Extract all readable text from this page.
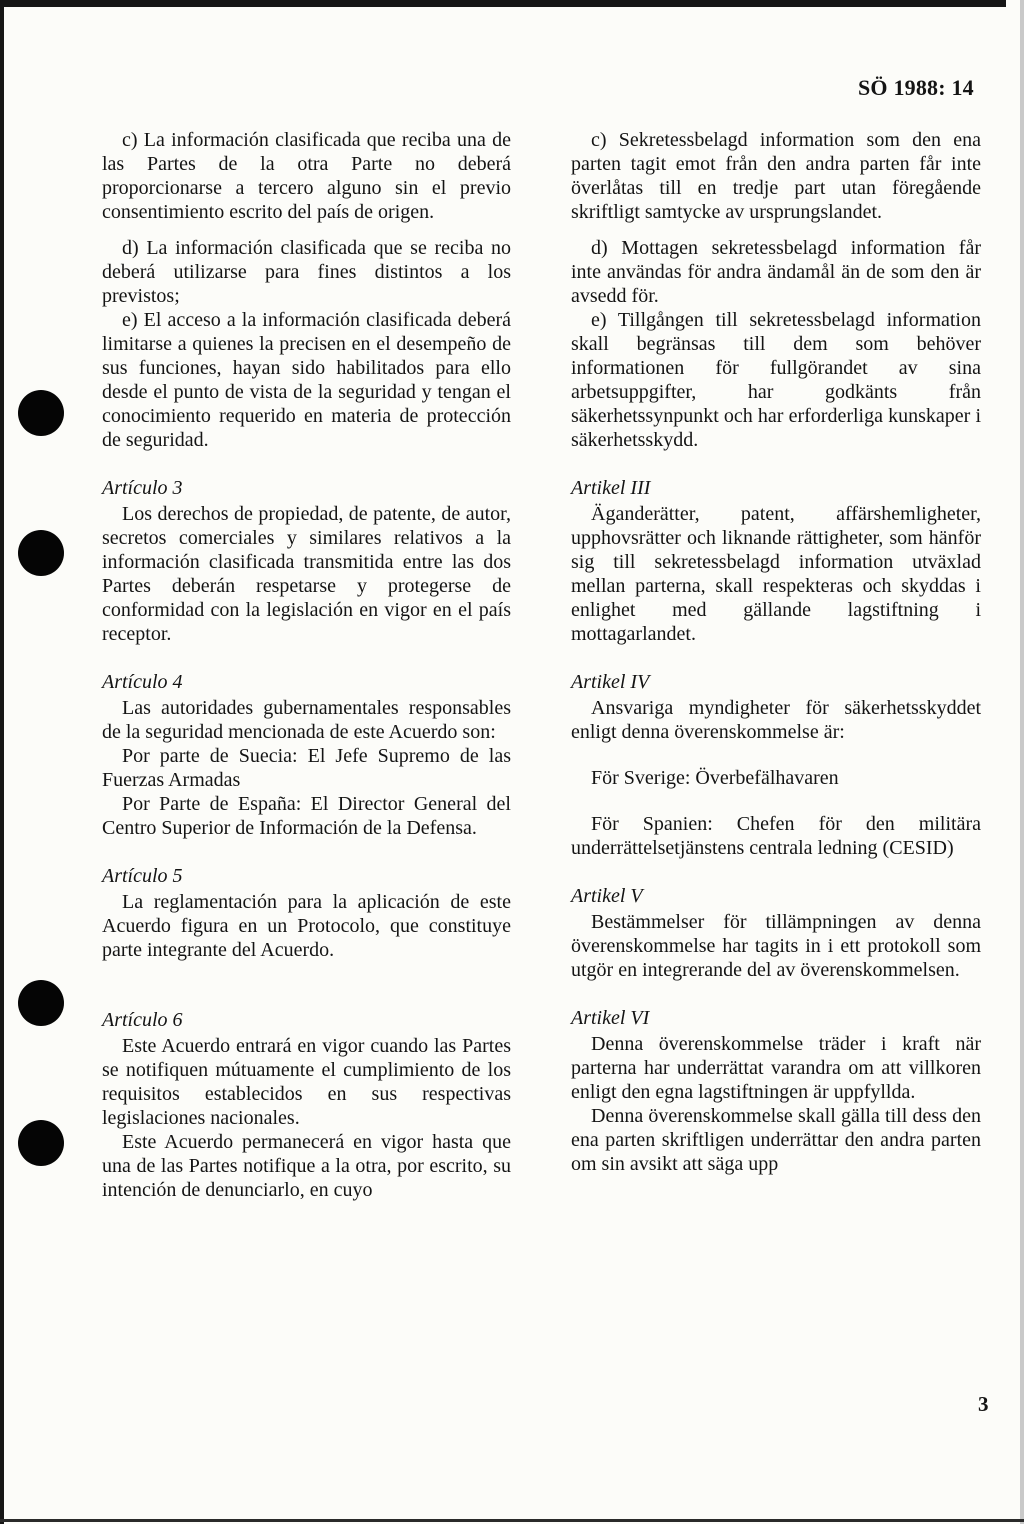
SÖ 1988: 14

c) La información clasificada que reciba una de las Partes de la otra Parte no deberá proporcionarse a tercero alguno sin el previo consentimiento escrito del país de origen.

d) La información clasificada que se reciba no deberá utilizarse para fines distintos a los previstos;

e) El acceso a la información clasificada deberá limitarse a quienes la precisen en el desempeño de sus funciones, hayan sido habilitados para ello desde el punto de vista de la seguridad y tengan el conocimiento requerido en materia de protección de seguridad.

Artículo 3

Los derechos de propiedad, de patente, de autor, secretos comerciales y similares relativos a la información clasificada transmitida entre las dos Partes deberán respetarse y protegerse de conformidad con la legislación en vigor en el país receptor.

Artículo 4

Las autoridades gubernamentales responsables de la seguridad mencionada de este Acuerdo son:

Por parte de Suecia: El Jefe Supremo de las Fuerzas Armadas

Por Parte de España: El Director General del Centro Superior de Información de la Defensa.

Artículo 5

La reglamentación para la aplicación de este Acuerdo figura en un Protocolo, que constituye parte integrante del Acuerdo.

Artículo 6

Este Acuerdo entrará en vigor cuando las Partes se notifiquen mútuamente el cumplimiento de los requisitos establecidos en sus respectivas legislaciones nacionales.

Este Acuerdo permanecerá en vigor hasta que una de las Partes notifique a la otra, por escrito, su intención de denunciarlo, en cuyo

c) Sekretessbelagd information som den ena parten tagit emot från den andra parten får inte överlåtas till en tredje part utan föregående skriftligt samtycke av ursprungslandet.

d) Mottagen sekretessbelagd information får inte användas för andra ändamål än de som den är avsedd för.

e) Tillgången till sekretessbelagd information skall begränsas till dem som behöver informationen för fullgörandet av sina arbetsuppgifter, har godkänts från säkerhetssynpunkt och har erforderliga kunskaper i säkerhetsskydd.

Artikel III

Äganderätter, patent, affärshemligheter, upphovsrätter och liknande rättigheter, som hänför sig till sekretessbelagd information utväxlad mellan parterna, skall respekteras och skyddas i enlighet med gällande lagstiftning i mottagarlandet.

Artikel IV

Ansvariga myndigheter för säkerhetsskyddet enligt denna överenskommelse är:

För Sverige: Överbefälhavaren

För Spanien: Chefen för den militära underrättelsetjänstens centrala ledning (CESID)

Artikel V

Bestämmelser för tillämpningen av denna överenskommelse har tagits in i ett protokoll som utgör en integrerande del av överenskommelsen.

Artikel VI

Denna överenskommelse träder i kraft när parterna har underrättat varandra om att villkoren enligt den egna lagstiftningen är uppfyllda.

Denna överenskommelse skall gälla till dess den ena parten skriftligen underrättar den andra parten om sin avsikt att säga upp

3
